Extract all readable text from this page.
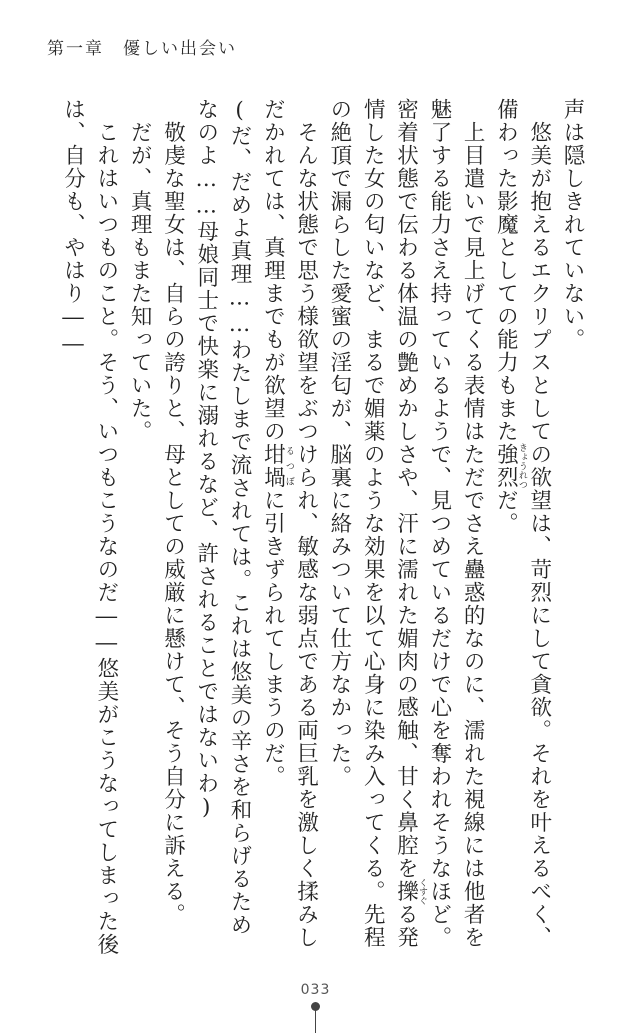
第一章　優しい出会い

声は隠しきれていない。

　悠美が抱えるエクリプスとしての欲望は、苛烈にして貪欲。それを叶えるべく、備わった影魔としての能力もまた強烈きょうれつだ。

　上目遣いで見上げてくる表情はただでさえ蠱惑的なのに、濡れた視線には他者を魅了する能力さえ持っているようで、見つめているだけで心を奪われそうなほど。密着状態で伝わる体温の艶めかしさや、汗に濡れた媚肉の感触、甘く鼻腔を擽くすぐる発情した女の匂いなど、まるで媚薬のような効果を以て心身に染み入ってくる。先程の絶頂で漏らした愛蜜の淫匂が、脳裏に絡みついて仕方なかった。

　そんな状態で思う様欲望をぶつけられ、敏感な弱点である両巨乳を激しく揉みしだかれては、真理までもが欲望の坩堝るつぼに引きずられてしまうのだ。

(だ、だめよ真理……わたしまで流されては。これは悠美の辛さを和らげるためなのよ……母娘同士で快楽に溺れるなど、許されることではないわ)

　敬虔な聖女は、自らの誇りと、母としての威厳に懸けて、そう自分に訴える。

　だが、真理もまた知っていた。

　これはいつものこと。そう、いつもこうなのだ――悠美がこうなってしまった後は、自分も、やはり――

033
